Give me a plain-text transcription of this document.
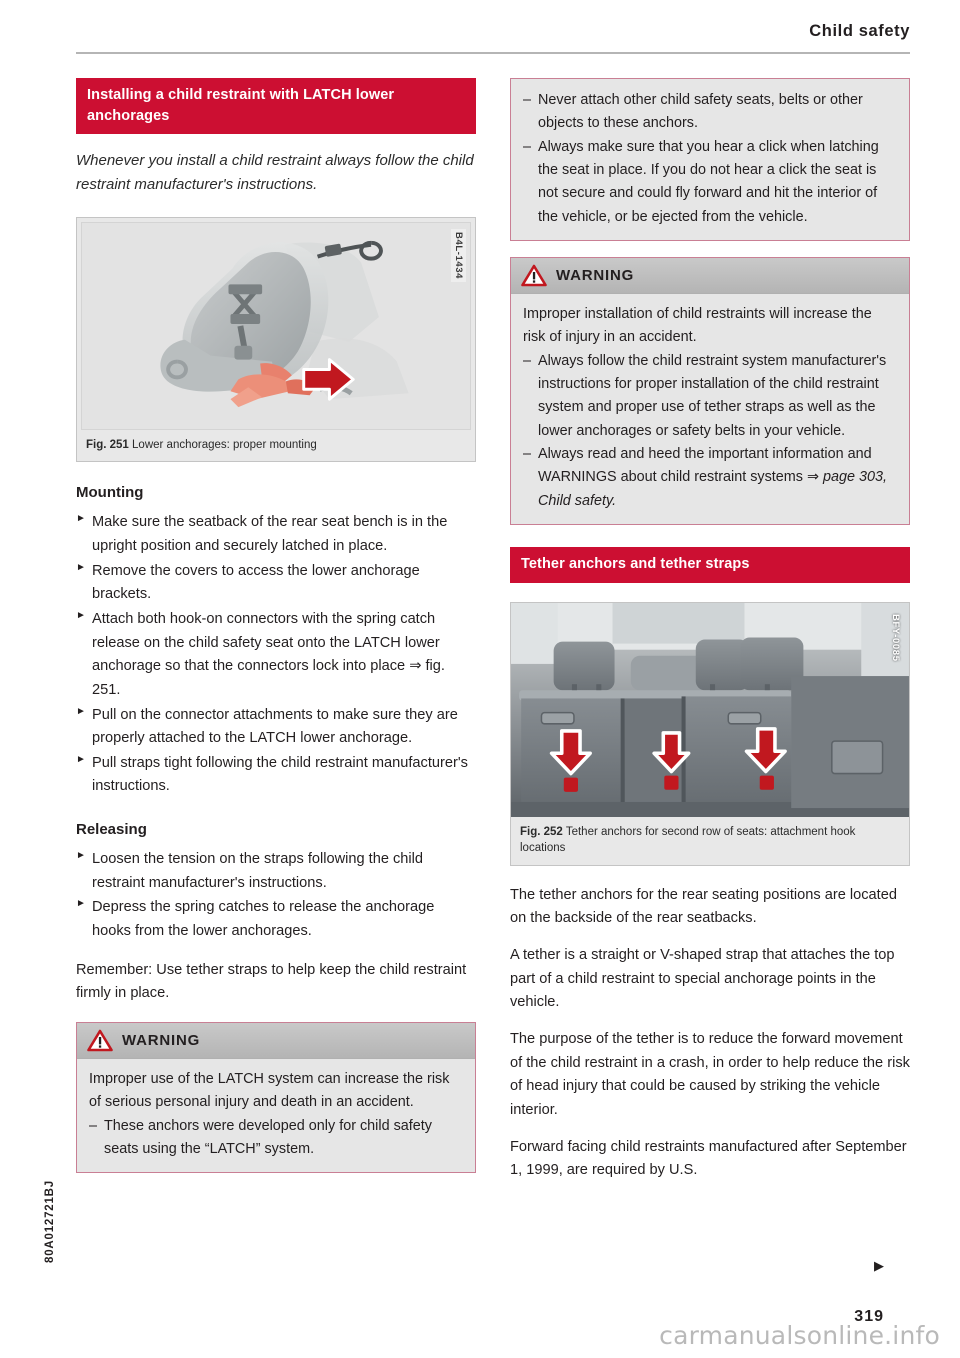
Child safety
Installing a child restraint with LATCH lower anchorages

Whenever you install a child restraint always follow the child restraint manufacturer's instructions.

B4L-1434
Fig. 251 Lower anchorages: proper mounting
Mounting
► Make sure the seatback of the rear seat bench is in the upright position and securely latched in place.
► Remove the covers to access the lower anchorage brackets.
► Attach both hook-on connectors with the spring catch release on the child safety seat onto the LATCH lower anchorage so that the connectors lock into place ⇒ fig. 251.
► Pull on the connector attachments to make sure they are properly attached to the LATCH lower anchorage.
► Pull straps tight following the child restraint manufacturer's instructions.
Releasing
► Loosen the tension on the straps following the child restraint manufacturer's instructions.
► Depress the spring catches to release the anchorage hooks from the lower anchorages.

Remember: Use tether straps to help keep the child restraint firmly in place.

WARNING

Improper use of the LATCH system can increase the risk of serious personal injury and death in an accident.

– These anchors were developed only for child safety seats using the “LATCH” system.
– Never attach other child safety seats, belts or other objects to these anchors.
– Always make sure that you hear a click when latching the seat in place. If you do not hear a click the seat is not secure and could fly forward and hit the interior of the vehicle, or be ejected from the vehicle.
WARNING

Improper installation of child restraints will increase the risk of injury in an accident.

– Always follow the child restraint system manufacturer's instructions for proper installation of the child restraint system and proper use of tether straps as well as the lower anchorages or safety belts in your vehicle.
– Always read and heed the important information and WARNINGS about child restraint systems ⇒ page 303, Child safety.
Tether anchors and tether straps
BFY-0085
Fig. 252 Tether anchors for second row of seats: attachment hook locations

The tether anchors for the rear seating positions are located on the backside of the rear seatbacks.

A tether is a straight or V-shaped strap that attaches the top part of a child restraint to special anchorage points in the vehicle.

The purpose of the tether is to reduce the forward movement of the child restraint in a crash, in order to help reduce the risk of head injury that could be caused by striking the vehicle interior.

Forward facing child restraints manufactured after September 1, 1999, are required by U.S.

80A012721BJ
▶
319
carmanualsonline.info
